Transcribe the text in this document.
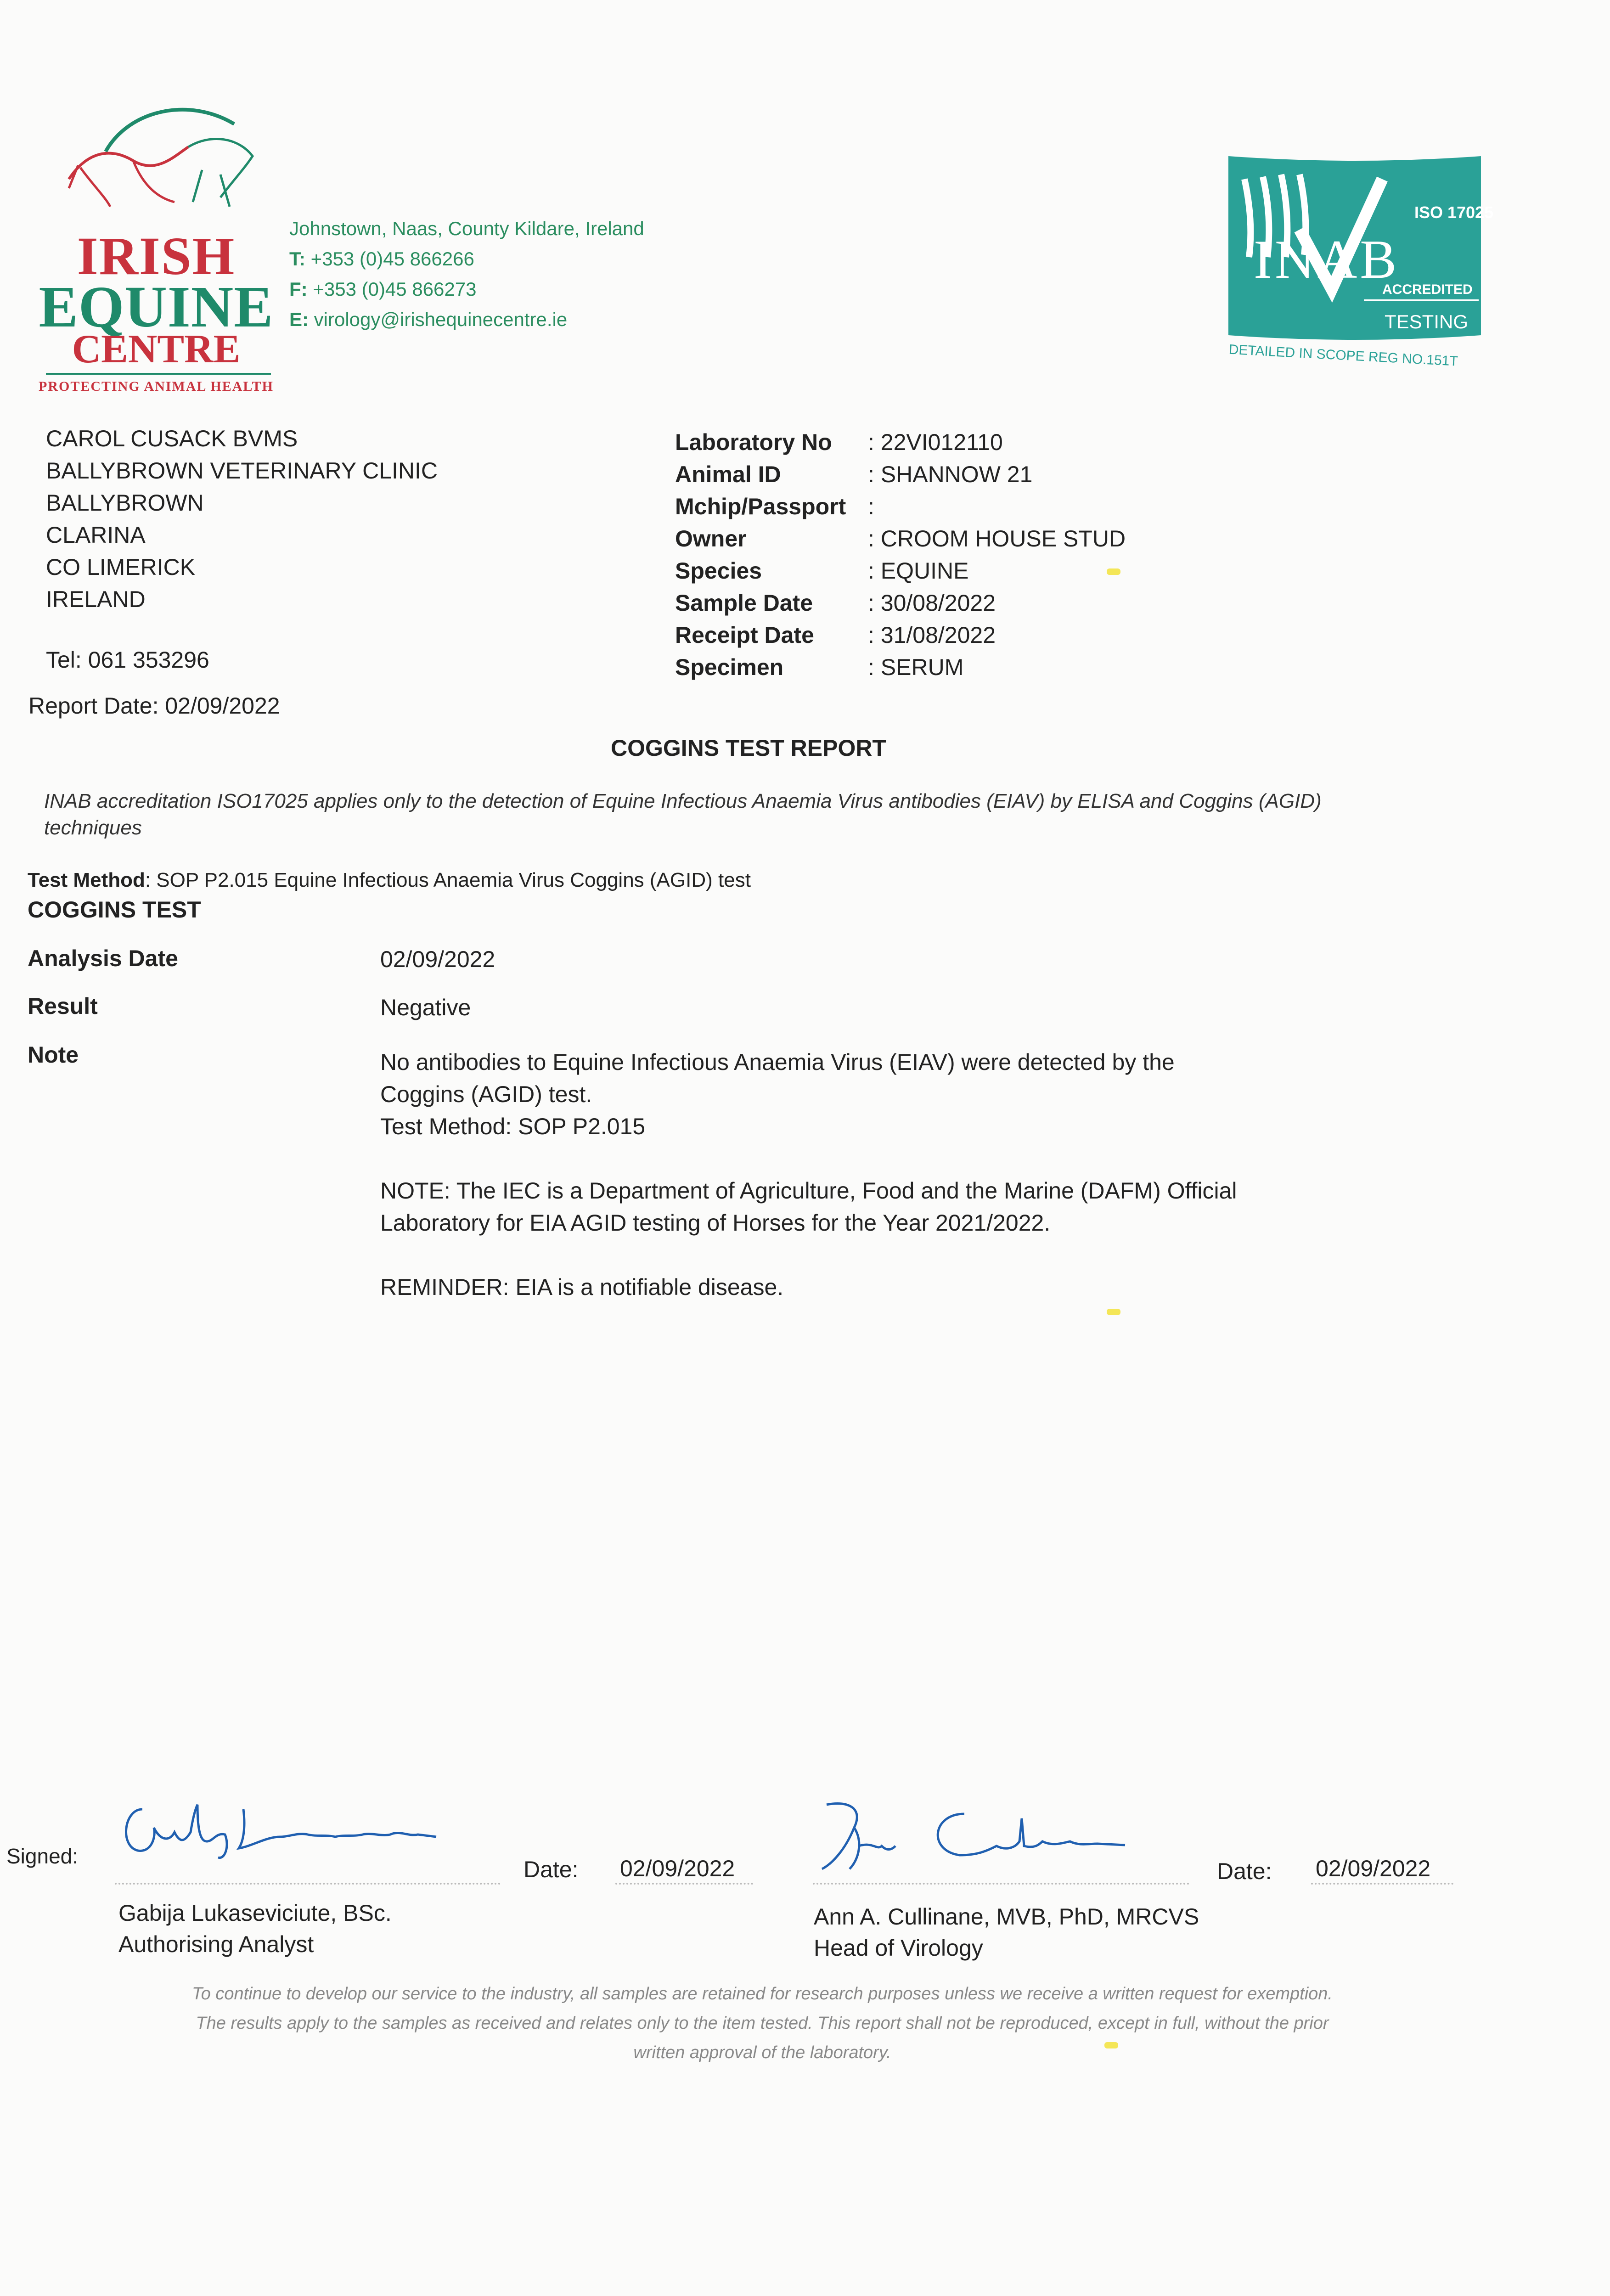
IRISH
EQUINE
CENTRE
PROTECTING ANIMAL HEALTH
Johnstown, Naas, County Kildare, Ireland
T: +353 (0)45 866266
F: +353 (0)45 866273
E: virology@irishequinecentre.ie
ISO 17025
INAB
ACCREDITED
TESTING
DETAILED IN SCOPE REG NO.151T
CAROL CUSACK BVMS
BALLYBROWN VETERINARY CLINIC
BALLYBROWN
CLARINA
CO LIMERICK
IRELAND
Tel: 061 353296
Report Date: 02/09/2022
Laboratory No	: 22VI012110
Animal ID	: SHANNOW 21
Mchip/Passport :
Owner	: CROOM HOUSE STUD
Species	: EQUINE
Sample Date	: 30/08/2022
Receipt Date	: 31/08/2022
Specimen	: SERUM
COGGINS TEST REPORT
INAB accreditation ISO17025 applies only to the detection of Equine Infectious Anaemia Virus antibodies (EIAV) by ELISA and Coggins (AGID) techniques
Test Method: SOP P2.015 Equine Infectious Anaemia Virus Coggins (AGID) test
COGGINS TEST
Analysis Date	02/09/2022
Result	Negative
Note	No antibodies to Equine Infectious Anaemia Virus (EIAV) were detected by the Coggins (AGID) test.
Test Method: SOP P2.015

NOTE: The IEC is a Department of Agriculture, Food and the Marine (DAFM) Official Laboratory for EIA AGID testing of Horses for the Year 2021/2022.

REMINDER: EIA is a notifiable disease.

Signed:
Date: 02/09/2022
Gabija Lukaseviciute, BSc.
Authorising Analyst
Date: 02/09/2022
Ann A. Cullinane, MVB, PhD, MRCVS
Head of Virology
To continue to develop our service to the industry, all samples are retained for research purposes unless we receive a written request for exemption.
The results apply to the samples as received and relates only to the item tested. This report shall not be reproduced, except in full, without the prior
written approval of the laboratory.
